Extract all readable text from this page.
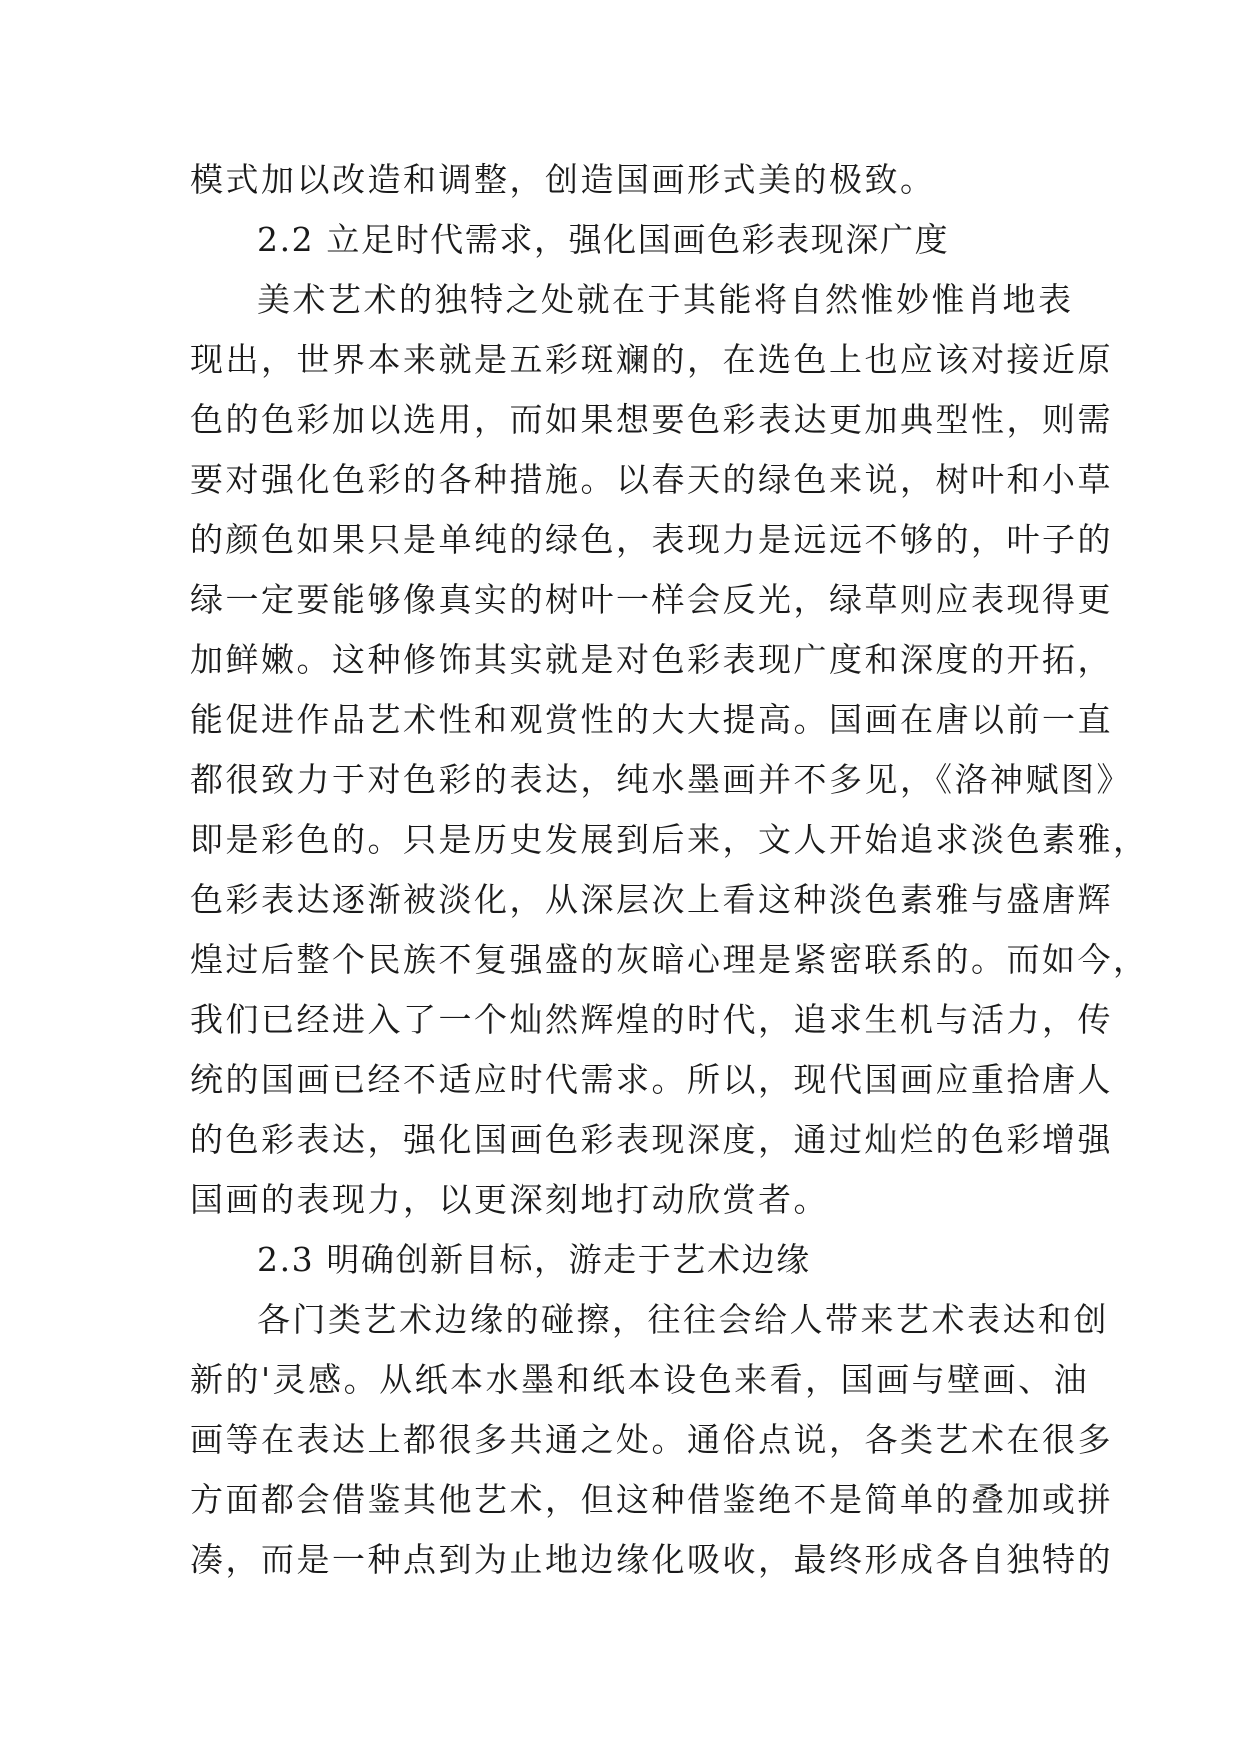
模式加以改造和调整，创造国画形式美的极致。
2.2 立足时代需求，强化国画色彩表现深广度
美术艺术的独特之处就在于其能将自然惟妙惟肖地表
现出，世界本来就是五彩斑斓的，在选色上也应该对接近原
色的色彩加以选用，而如果想要色彩表达更加典型性，则需
要对强化色彩的各种措施。以春天的绿色来说，树叶和小草
的颜色如果只是单纯的绿色，表现力是远远不够的，叶子的
绿一定要能够像真实的树叶一样会反光，绿草则应表现得更
加鲜嫩。这种修饰其实就是对色彩表现广度和深度的开拓，
能促进作品艺术性和观赏性的大大提高。国画在唐以前一直
都很致力于对色彩的表达，纯水墨画并不多见，《洛神赋图》
即是彩色的。只是历史发展到后来，文人开始追求淡色素雅，
色彩表达逐渐被淡化，从深层次上看这种淡色素雅与盛唐辉
煌过后整个民族不复强盛的灰暗心理是紧密联系的。而如今，
我们已经进入了一个灿然辉煌的时代，追求生机与活力，传
统的国画已经不适应时代需求。所以，现代国画应重拾唐人
的色彩表达，强化国画色彩表现深度，通过灿烂的色彩增强
国画的表现力，以更深刻地打动欣赏者。
2.3 明确创新目标，游走于艺术边缘
各门类艺术边缘的碰擦，往往会给人带来艺术表达和创
新的'灵感。从纸本水墨和纸本设色来看，国画与壁画、油
画等在表达上都很多共通之处。通俗点说，各类艺术在很多
方面都会借鉴其他艺术，但这种借鉴绝不是简单的叠加或拼
凑，而是一种点到为止地边缘化吸收，最终形成各自独特的
